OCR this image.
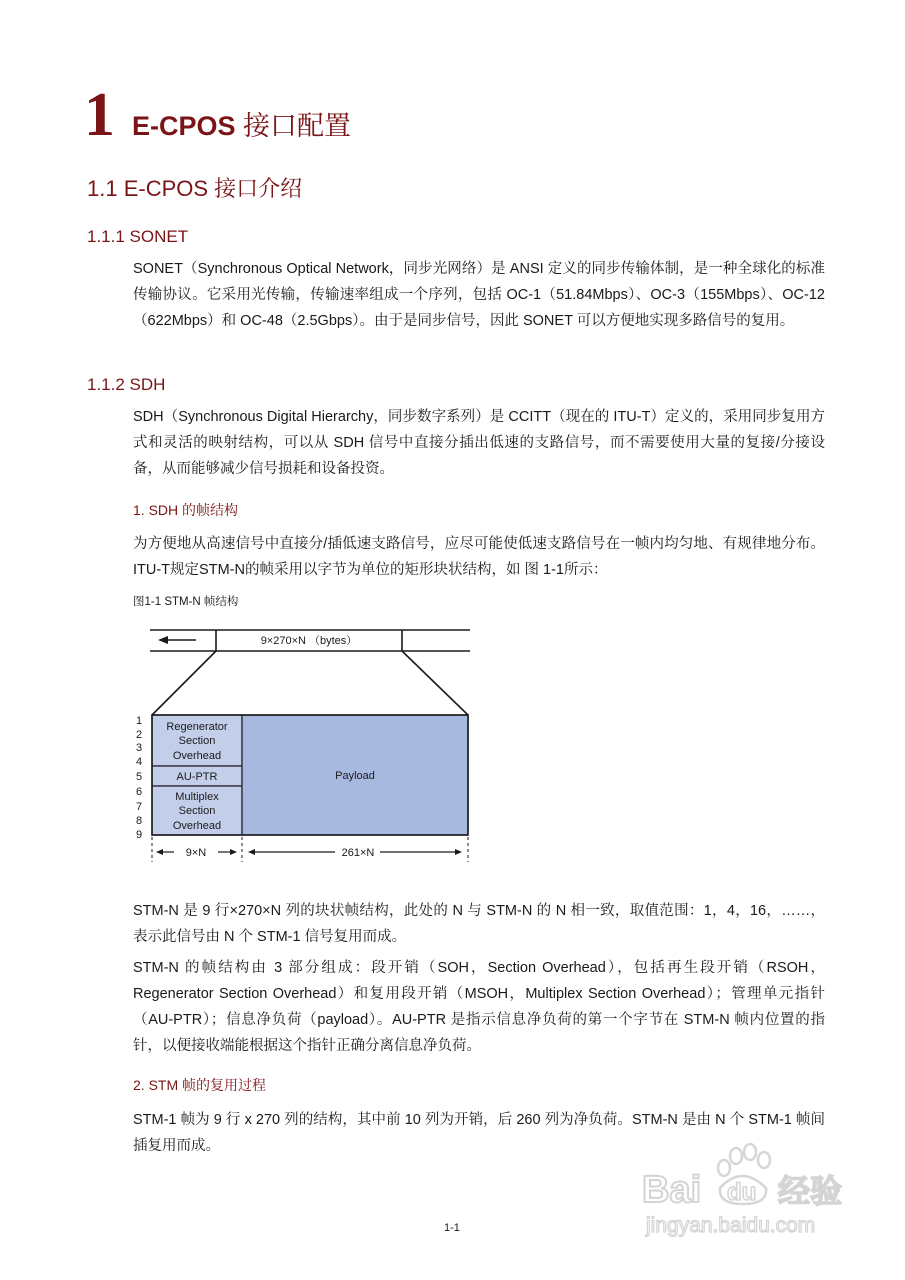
1 E-CPOS 接口配置
1.1 E-CPOS 接口介绍
1.1.1 SONET

SONET（Synchronous Optical Network，同步光网络）是 ANSI 定义的同步传输体制，是一种全球化的标准传输协议。它采用光传输，传输速率组成一个序列，包括 OC-1（51.84Mbps）、OC-3（155Mbps）、OC-12（622Mbps）和 OC-48（2.5Gbps）。由于是同步信号，因此 SONET 可以方便地实现多路信号的复用。

1.1.2 SDH

SDH（Synchronous Digital Hierarchy，同步数字系列）是 CCITT（现在的 ITU-T）定义的，采用同步复用方式和灵活的映射结构，可以从 SDH 信号中直接分插出低速的支路信号，而不需要使用大量的复接/分接设备，从而能够减少信号损耗和设备投资。

1. SDH 的帧结构

为方便地从高速信号中直接分/插低速支路信号，应尽可能使低速支路信号在一帧内均匀地、有规律地分布。ITU-T规定STM-N的帧采用以字节为单位的矩形块状结构，如 图 1-1所示：

图1-1 STM-N 帧结构
9×270×N （bytes）
Regenerator
Section
Overhead
AU-PTR
Multiplex
Section
Overhead
Payload
1
2
3
4
5
6
7
8
9
9×N	261×N

STM-N 是 9 行×270×N 列的块状帧结构，此处的 N 与 STM-N 的 N 相一致，取值范围：1，4，16，……，表示此信号由 N 个 STM-1 信号复用而成。

STM-N 的帧结构由 3 部分组成：段开销（SOH，Section Overhead），包括再生段开销（RSOH，Regenerator Section Overhead）和复用段开销（MSOH，Multiplex Section Overhead）；管理单元指针（AU-PTR）；信息净负荷（payload）。AU-PTR 是指示信息净负荷的第一个字节在 STM-N 帧内位置的指针，以便接收端能根据这个指针正确分离信息净负荷。

2. STM 帧的复用过程

STM-1 帧为 9 行 x 270 列的结构，其中前 10 列为开销，后 260 列为净负荷。STM-N 是由 N 个 STM-1 帧间插复用而成。

1-1
Bai du 经验
jingyan.baidu.com
